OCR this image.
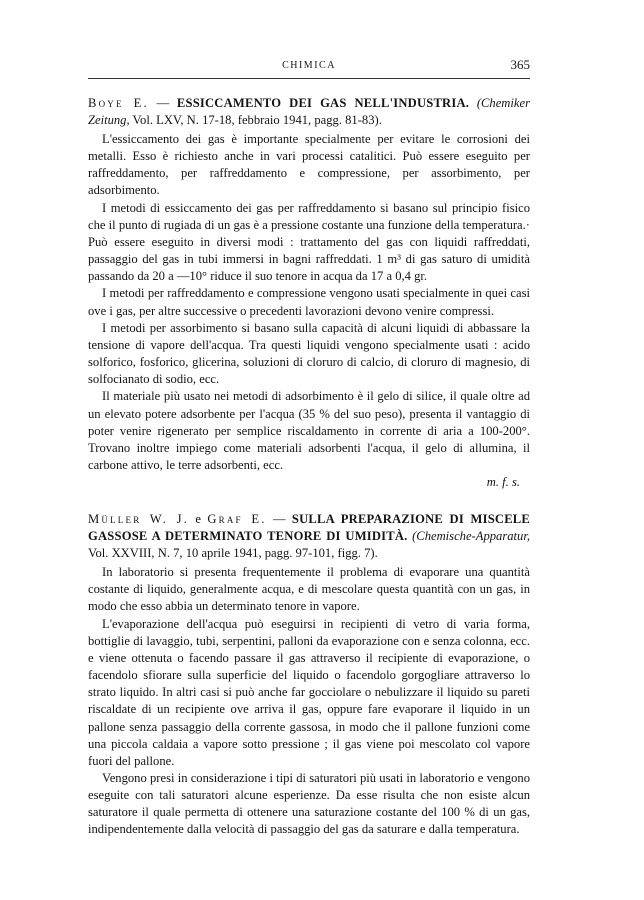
CHIMICA	365
Boye E. — ESSICCAMENTO DEI GAS NELL'INDUSTRIA. (Chemiker Zeitung, Vol. LXV, N. 17-18, febbraio 1941, pagg. 81-83).

L'essiccamento dei gas è importante specialmente per evitare le corrosioni dei metalli. Esso è richiesto anche in vari processi catalitici. Può essere eseguito per raffreddamento, per raffreddamento e compressione, per assorbimento, per adsorbimento.

I metodi di essiccamento dei gas per raffreddamento si basano sul principio fisico che il punto di rugiada di un gas è a pressione costante una funzione della temperatura.· Può essere eseguito in diversi modi : trattamento del gas con liquidi raffreddati, passaggio del gas in tubi immersi in bagni raffreddati. 1 m³ di gas saturo di umidità passando da 20 a —10° riduce il suo tenore in acqua da 17 a 0,4 gr.

I metodi per raffreddamento e compressione vengono usati specialmente in quei casi ove i gas, per altre successive o precedenti lavorazioni devono venire compressi.

I metodi per assorbimento si basano sulla capacità di alcuni liquidi di abbassare la tensione di vapore dell'acqua. Tra questi liquidi vengono specialmente usati : acido solforico, fosforico, glicerina, soluzioni di cloruro di calcio, di cloruro di magnesio, di solfocianato di sodio, ecc.

Il materiale più usato nei metodi di adsorbimento è il gelo di silice, il quale oltre ad un elevato potere adsorbente per l'acqua (35 % del suo peso), presenta il vantaggio di poter venire rigenerato per semplice riscaldamento in corrente di aria a 100-200°. Trovano inoltre impiego come materiali adsorbenti l'acqua, il gelo di allumina, il carbone attivo, le terre adsorbenti, ecc.

m. f. s.
Müller W. J. e Graf E. — SULLA PREPARAZIONE DI MISCELE GASSOSE A DETERMINATO TENORE DI UMIDITÀ. (Chemische-Apparatur, Vol. XXVIII, N. 7, 10 aprile 1941, pagg. 97-101, figg. 7).

In laboratorio si presenta frequentemente il problema di evaporare una quantità costante di liquido, generalmente acqua, e di mescolare questa quantità con un gas, in modo che esso abbia un determinato tenore in vapore.

L'evaporazione dell'acqua può eseguirsi in recipienti di vetro di varia forma, bottiglie di lavaggio, tubi, serpentini, palloni da evaporazione con e senza colonna, ecc. e viene ottenuta o facendo passare il gas attraverso il recipiente di evaporazione, o facendolo sfiorare sulla superficie del liquido o facendolo gorgogliare attraverso lo strato liquido. In altri casi si può anche far gocciolare o nebulizzare il liquido su pareti riscaldate di un recipiente ove arriva il gas, oppure fare evaporare il liquido in un pallone senza passaggio della corrente gassosa, in modo che il pallone funzioni come una piccola caldaia a vapore sotto pressione ; il gas viene poi mescolato col vapore fuori del pallone.

Vengono presi in considerazione i tipi di saturatori più usati in laboratorio e vengono eseguite con tali saturatori alcune esperienze. Da esse risulta che non esiste alcun saturatore il quale permetta di ottenere una saturazione costante del 100 % di un gas, indipendentemente dalla velocità di passaggio del gas da saturare e dalla temperatura.
